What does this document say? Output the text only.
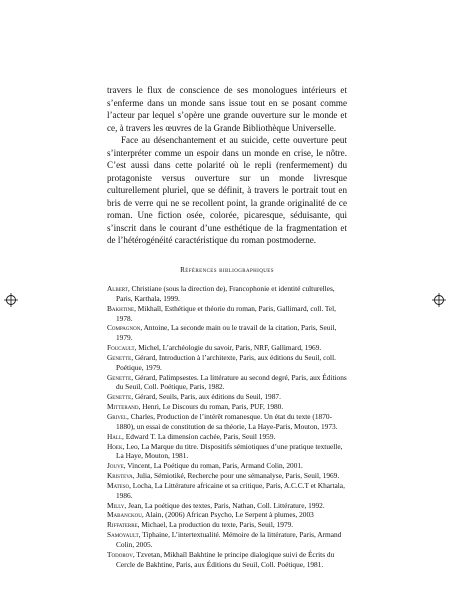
travers le flux de conscience de ses monologues intérieurs et s’enferme dans un monde sans issue tout en se posant comme l’acteur par lequel s’opère une grande ouverture sur le monde et ce, à travers les œuvres de la Grande Bibliothèque Universelle.

Face au désenchantement et au suicide, cette ouverture peut s’interpréter comme un espoir dans un monde en crise, le nôtre. C’est aussi dans cette polarité où le repli (renfermement) du protagoniste versus ouverture sur un monde livresque culturellement pluriel, que se définit, à travers le portrait tout en bris de verre qui ne se recollent point, la grande originalité de ce roman. Une fiction osée, colorée, picaresque, séduisante, qui s’inscrit dans le courant d’une esthétique de la fragmentation et de l’hétérogénéité caractéristique du roman postmoderne.

Références bibliographiques

Albert, Christiane (sous la direction de), Francophonie et identité culturelles, Paris, Karthala, 1999.

Bakhtine, Mikhaïl, Esthétique et théorie du roman, Paris, Gallimard, coll. Tel, 1978.

Compagnon, Antoine, La seconde main ou le travail de la citation, Paris, Seuil, 1979.

Foucault, Michel, L’archéologie du savoir, Paris, NRF, Gallimard, 1969.

Genette, Gérard, Introduction à l’architexte, Paris, aux éditions du Seuil, coll. Poétique, 1979.

Genette, Gérard, Palimpsestes. La littérature au second degré, Paris, aux Éditions du Seuil, Coll. Poétique, Paris, 1982.

Genette, Gérard, Seuils, Paris, aux éditions du Seuil, 1987.

Mitterand, Henri, Le Discours du roman, Paris, PUF, 1980.

Grivel, Charles, Production de l’intérêt romanesque. Un état du texte (1870-1880), un essai de constitution de sa théorie, La Haye-Paris, Mouton, 1973.

Hall, Edward T. La dimension cachée, Paris, Seuil 1959.

Hoek, Leo, La Marque du titre. Dispositifs sémiotiques d’une pratique textuelle, La Haye, Mouton, 1981.

Jouve, Vincent, La Poétique du roman, Paris, Armand Colin, 2001.

Kristeva, Julia, Sémiotiké, Recherche pour une sémanalyse, Paris, Seuil, 1969.

Mateso, Locha, La Littérature africaine et sa critique, Paris, A.C.C.T et Khartala, 1986.

Milly, Jean, La poétique des textes, Paris, Nathan, Coll. Littérature, 1992.

Mabanckou, Alain, (2006) African Psycho, Le Serpent à plumes, 2003

Riffaterre, Michael, La production du texte, Paris, Seuil, 1979.

Samoyault, Tiphaine, L’intertextualité. Mémoire de la littérature, Paris, Armand Colin, 2005.

Todorov, Tzvetan, Mikhaïl Bakhtine le principe dialogique suivi de Écrits du Cercle de Bakhtine, Paris, aux Éditions du Seuil, Coll. Poétique, 1981.
